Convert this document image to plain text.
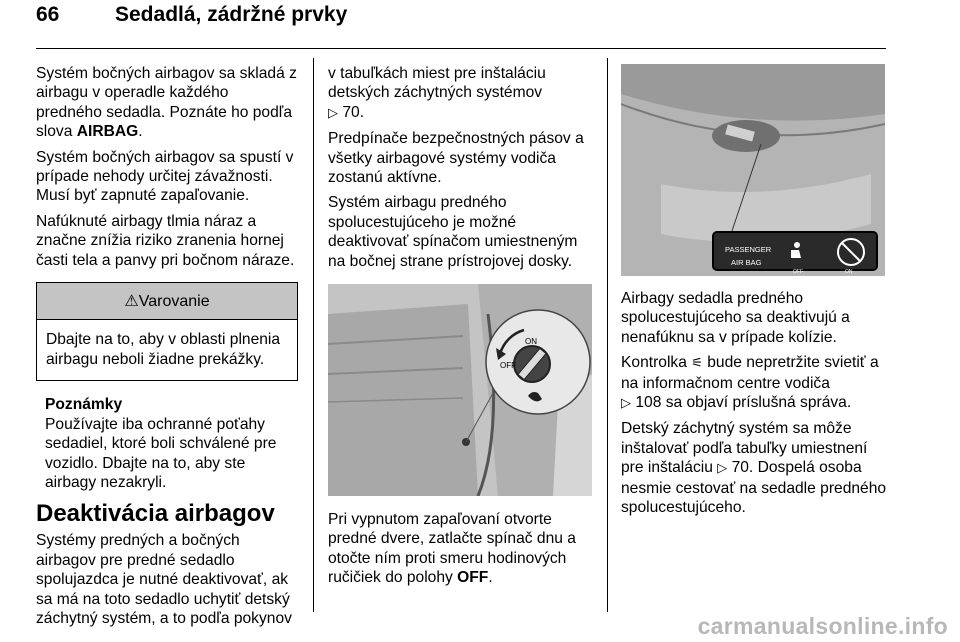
66	Sedadlá, zádržné prvky

Systém bočných airbagov sa skladá z airbagu v operadle každého predného sedadla. Poznáte ho podľa slova AIRBAG.

Systém bočných airbagov sa spustí v prípade nehody určitej závažnosti. Musí byť zapnuté zapaľovanie.

Nafúknuté airbagy tlmia náraz a značne znížia riziko zranenia hornej časti tela a panvy pri bočnom náraze.

⚠Varovanie
Dbajte na to, aby v oblasti plnenia airbagu neboli žiadne prekážky.
Poznámky
Používajte iba ochranné poťahy sedadiel, ktoré boli schválené pre vozidlo. Dbajte na to, aby ste airbagy nezakryli.
Deaktivácia airbagov

Systémy predných a bočných airbagov pre predné sedadlo spolujazdca je nutné deaktivovať, ak sa má na toto sedadlo uchytiť detský záchytný systém, a to podľa pokynov

v tabuľkách miest pre inštaláciu detských záchytných systémov
▷ 70.

Predpínače bezpečnostných pásov a všetky airbagové systémy vodiča zostanú aktívne.

Systém airbagu predného spolucestujúceho je možné deaktivovať spínačom umiestneným na bočnej strane prístrojovej dosky.

ON
OFF

Pri vypnutom zapaľovaní otvorte predné dvere, zatlačte spínač dnu a otočte ním proti smeru hodinových ručičiek do polohy OFF.

PASSENGER
AIR BAG
OFF	ON

Airbagy sedadla predného spolucestujúceho sa deaktivujú a nenafúknu sa v prípade kolízie.

Kontrolka ⚟ bude nepretržite svietiť a na informačnom centre vodiča
▷ 108 sa objaví príslušná správa.

Detský záchytný systém sa môže inštalovať podľa tabuľky umiestnení pre inštaláciu ▷ 70. Dospelá osoba nesmie cestovať na sedadle predného spolucestujúceho.

carmanualsonline.info
